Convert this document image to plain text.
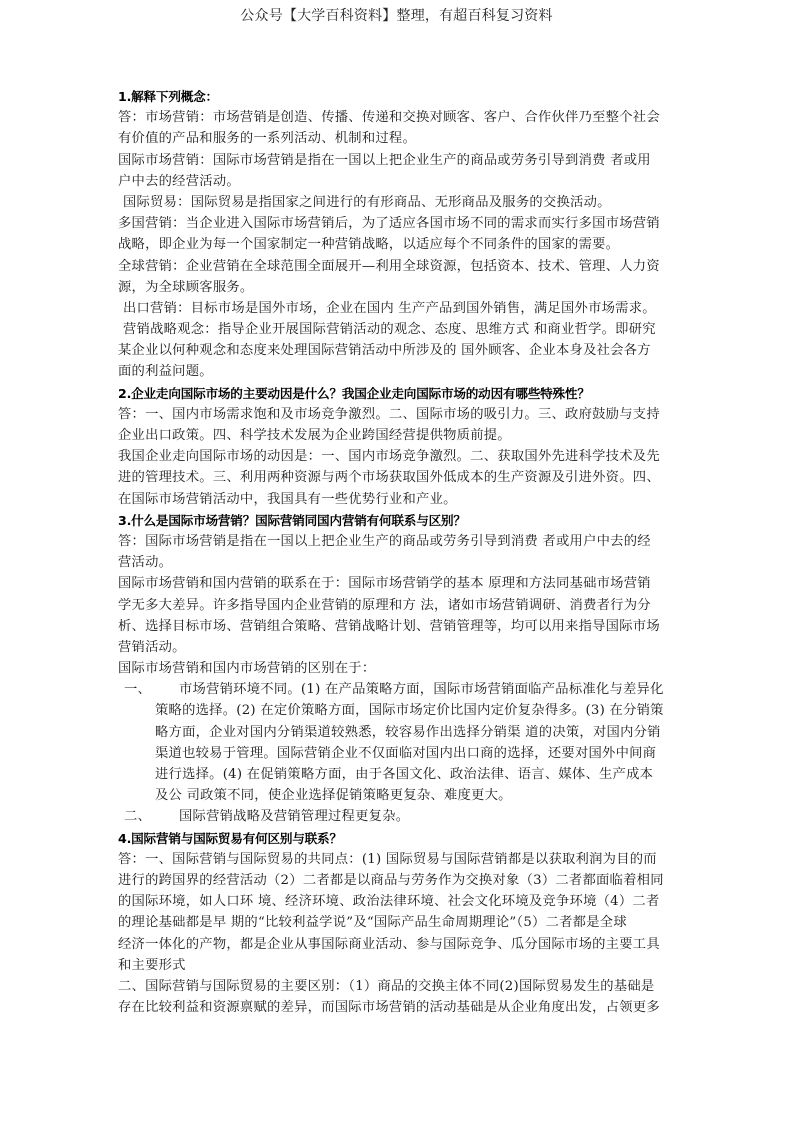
公众号【大学百科资料】整理，有超百科复习资料
1.解释下列概念：
答：市场营销：市场营销是创造、传播、传递和交换对顾客、客户、合作伙伴乃至整个社会
有价值的产品和服务的一系列活动、机制和过程。
国际市场营销：国际市场营销是指在一国以上把企业生产的商品或劳务引导到消费 者或用
户中去的经营活动。
国际贸易：国际贸易是指国家之间进行的有形商品、无形商品及服务的交换活动。
多国营销：当企业进入国际市场营销后，为了适应各国市场不同的需求而实行多国市场营销
战略，即企业为每一个国家制定一种营销战略，以适应每个不同条件的国家的需要。
全球营销：企业营销在全球范围全面展开—利用全球资源，包括资本、技术、管理、人力资
源，为全球顾客服务。
出口营销：目标市场是国外市场，企业在国内 生产产品到国外销售，满足国外市场需求。
营销战略观念：指导企业开展国际营销活动的观念、态度、思维方式 和商业哲学。即研究
某企业以何种观念和态度来处理国际营销活动中所涉及的 国外顾客、企业本身及社会各方
面的利益问题。
2.企业走向国际市场的主要动因是什么？我国企业走向国际市场的动因有哪些特殊性？
答：一、国内市场需求饱和及市场竞争激烈。二、国际市场的吸引力。三、政府鼓励与支持
企业出口政策。四、科学技术发展为企业跨国经营提供物质前提。
我国企业走向国际市场的动因是：一、国内市场竞争激烈。二、获取国外先进科学技术及先
进的管理技术。三、利用两种资源与两个市场获取国外低成本的生产资源及引进外资。四、
在国际市场营销活动中，我国具有一些优势行业和产业。
3.什么是国际市场营销？国际营销同国内营销有何联系与区别？
答：国际市场营销是指在一国以上把企业生产的商品或劳务引导到消费 者或用户中去的经
营活动。
国际市场营销和国内营销的联系在于：国际市场营销学的基本 原理和方法同基础市场营销
学无多大差异。许多指导国内企业营销的原理和方 法，诸如市场营销调研、消费者行为分
析、选择目标市场、营销组合策略、营销战略计划、营销管理等，均可以用来指导国际市场
营销活动。
国际市场营销和国内市场营销的区别在于：
一、 市场营销环境不同。(1) 在产品策略方面，国际市场营销面临产品标准化与差异化
策略的选择。(2) 在定价策略方面，国际市场定价比国内定价复杂得多。(3) 在分销策
略方面，企业对国内分销渠道较熟悉，较容易作出选择分销渠 道的决策，对国内分销
渠道也较易于管理。国际营销企业不仅面临对国内出口商的选择，还要对国外中间商
进行选择。(4) 在促销策略方面，由于各国文化、政治法律、语言、媒体、生产成本
及公 司政策不同，使企业选择促销策略更复杂、难度更大。
二、 国际营销战略及营销管理过程更复杂。
4.国际营销与国际贸易有何区别与联系？
答：一、国际营销与国际贸易的共同点：(1) 国际贸易与国际营销都是以获取利润为目的而
进行的跨国界的经营活动（2）二者都是以商品与劳务作为交换对象（3）二者都面临着相同
的国际环境，如人口环 境、经济环境、政治法律环境、社会文化环境及竞争环境（4）二者
的理论基础都是早 期的“比较利益学说”及“国际产品生命周期理论”（5）二者都是全球
经济一体化的产物，都是企业从事国际商业活动、参与国际竞争、瓜分国际市场的主要工具
和主要形式
二、国际营销与国际贸易的主要区别：（1）商品的交换主体不同(2)国际贸易发生的基础是
存在比较利益和资源禀赋的差异，而国际市场营销的活动基础是从企业角度出发，占领更多
